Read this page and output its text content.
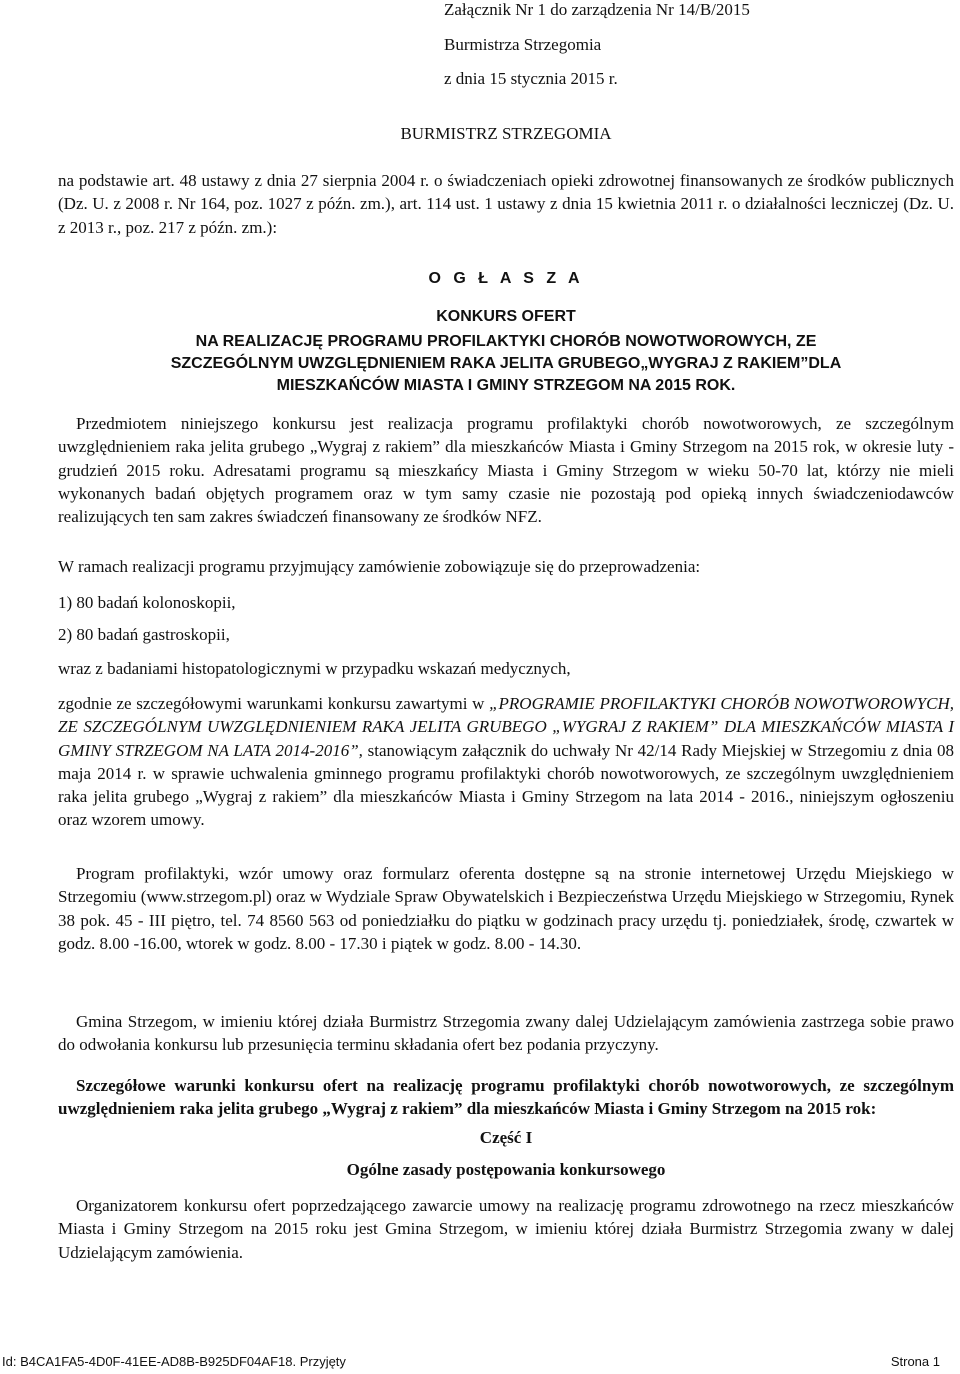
Załącznik Nr 1 do zarządzenia Nr 14/B/2015
Burmistrza Strzegomia
z dnia 15 stycznia 2015 r.
BURMISTRZ STRZEGOMIA
na podstawie art. 48 ustawy z dnia 27 sierpnia 2004 r. o świadczeniach opieki zdrowotnej finansowanych ze środków publicznych (Dz. U. z 2008 r. Nr 164, poz. 1027 z późn. zm.), art. 114 ust. 1 ustawy z dnia 15 kwietnia 2011 r. o działalności leczniczej (Dz. U. z 2013 r., poz. 217 z późn. zm.):
O G Ł A S Z A
KONKURS OFERT
NA REALIZACJĘ PROGRAMU PROFILAKTYKI CHORÓB NOWOTWOROWYCH, ZE
SZCZEGÓLNYM UWZGLĘDNIENIEM RAKA JELITA GRUBEGO„WYGRAJ Z RAKIEM”DLA
MIESZKAŃCÓW MIASTA I GMINY STRZEGOM NA 2015 ROK.
Przedmiotem niniejszego konkursu jest realizacja programu profilaktyki chorób nowotworowych, ze szczególnym uwzględnieniem raka jelita grubego „Wygraj z rakiem” dla mieszkańców Miasta i Gminy Strzegom na 2015 rok, w okresie luty - grudzień 2015 roku. Adresatami programu są mieszkańcy Miasta i Gminy Strzegom w wieku 50-70 lat, którzy nie mieli wykonanych badań objętych programem oraz w tym samy czasie nie pozostają pod opieką innych świadczeniodawców realizujących ten sam zakres świadczeń finansowany ze środków NFZ.
W ramach realizacji programu przyjmujący zamówienie zobowiązuje się do przeprowadzenia:
1) 80 badań kolonoskopii,
2) 80 badań gastroskopii,
wraz z badaniami histopatologicznymi w przypadku wskazań medycznych,
zgodnie ze szczegółowymi warunkami konkursu zawartymi w „PROGRAMIE PROFILAKTYKI CHORÓB NOWOTWOROWYCH, ZE SZCZEGÓLNYM UWZGLĘDNIENIEM RAKA JELITA GRUBEGO „WYGRAJ Z RAKIEM” DLA MIESZKAŃCÓW MIASTA I GMINY STRZEGOM NA LATA 2014-2016”, stanowiącym załącznik do uchwały Nr 42/14 Rady Miejskiej w Strzegomiu z dnia 08 maja 2014 r. w sprawie uchwalenia gminnego programu profilaktyki chorób nowotworowych, ze szczególnym uwzględnieniem raka jelita grubego „Wygraj z rakiem” dla mieszkańców Miasta i Gminy Strzegom na lata 2014 - 2016., niniejszym ogłoszeniu oraz wzorem umowy.
Program profilaktyki, wzór umowy oraz formularz oferenta dostępne są na stronie internetowej Urzędu Miejskiego w Strzegomiu (www.strzegom.pl) oraz w Wydziale Spraw Obywatelskich i Bezpieczeństwa Urzędu Miejskiego w Strzegomiu, Rynek 38 pok. 45 - III piętro, tel. 74 8560 563 od poniedziałku do piątku w godzinach pracy urzędu tj. poniedziałek, środę, czwartek w godz. 8.00 -16.00, wtorek w godz. 8.00 - 17.30 i piątek w godz. 8.00 - 14.30.
Gmina Strzegom, w imieniu której działa Burmistrz Strzegomia zwany dalej Udzielającym zamówienia zastrzega sobie prawo do odwołania konkursu lub przesunięcia terminu składania ofert bez podania przyczyny.
Szczegółowe warunki konkursu ofert na realizację programu profilaktyki chorób nowotworowych, ze szczególnym uwzględnieniem raka jelita grubego „Wygraj z rakiem” dla mieszkańców Miasta i Gminy Strzegom na 2015 rok:
Część I
Ogólne zasady postępowania konkursowego
Organizatorem konkursu ofert poprzedzającego zawarcie umowy na realizację programu zdrowotnego na rzecz mieszkańców Miasta i Gminy Strzegom na 2015 roku jest Gmina Strzegom, w imieniu której działa Burmistrz Strzegomia zwany w dalej Udzielającym zamówienia.
Id: B4CA1FA5-4D0F-41EE-AD8B-B925DF04AF18. Przyjęty	Strona 1
